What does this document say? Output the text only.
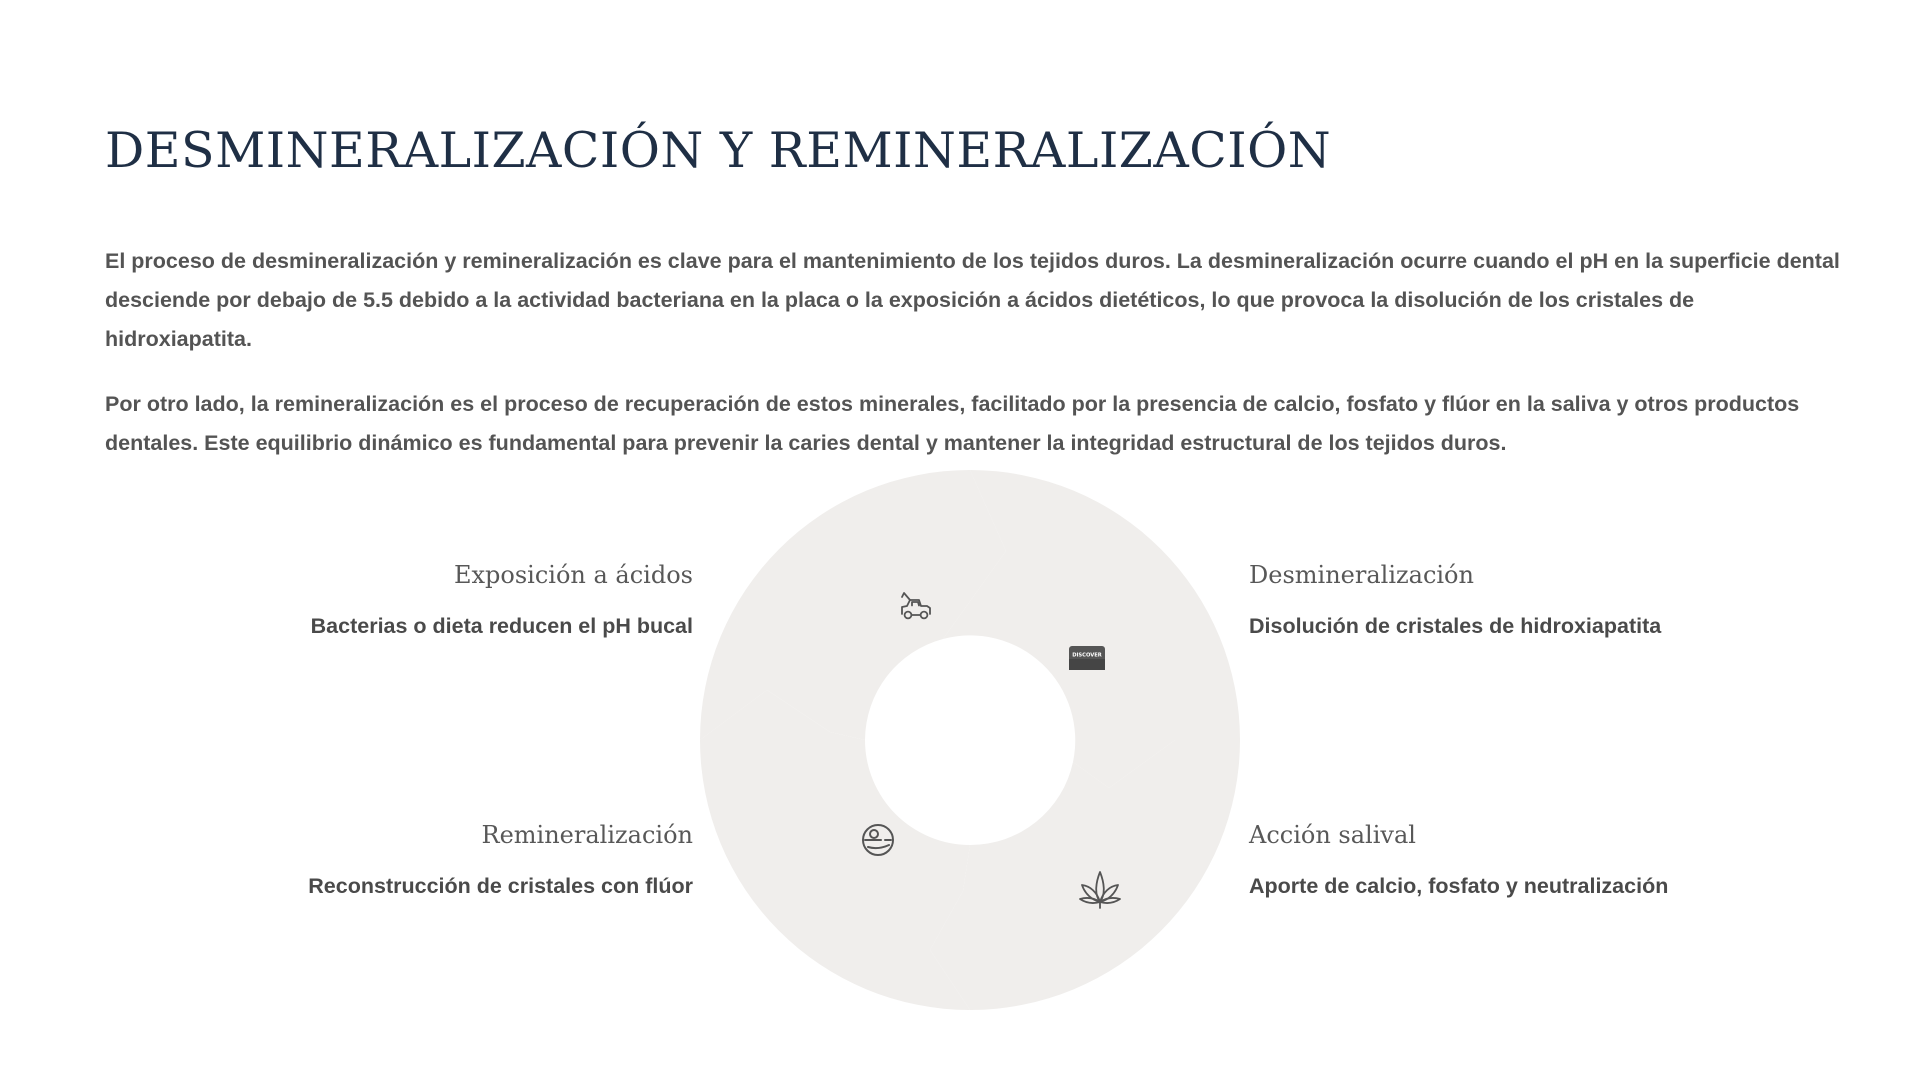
DESMINERALIZACIÓN Y REMINERALIZACIÓN

El proceso de desmineralización y remineralización es clave para el mantenimiento de los tejidos duros. La desmineralización ocurre cuando el pH en la superficie dental desciende por debajo de 5.5 debido a la actividad bacteriana en la placa o la exposición a ácidos dietéticos, lo que provoca la disolución de los cristales de hidroxiapatita.

Por otro lado, la remineralización es el proceso de recuperación de estos minerales, facilitado por la presencia de calcio, fosfato y flúor en la saliva y otros productos dentales. Este equilibrio dinámico es fundamental para prevenir la caries dental y mantener la integridad estructural de los tejidos duros.

DISCOVER
Exposición a ácidos
Bacterias o dieta reducen el pH bucal
Desmineralización
Disolución de cristales de hidroxiapatita
Remineralización
Reconstrucción de cristales con flúor
Acción salival
Aporte de calcio, fosfato y neutralización
